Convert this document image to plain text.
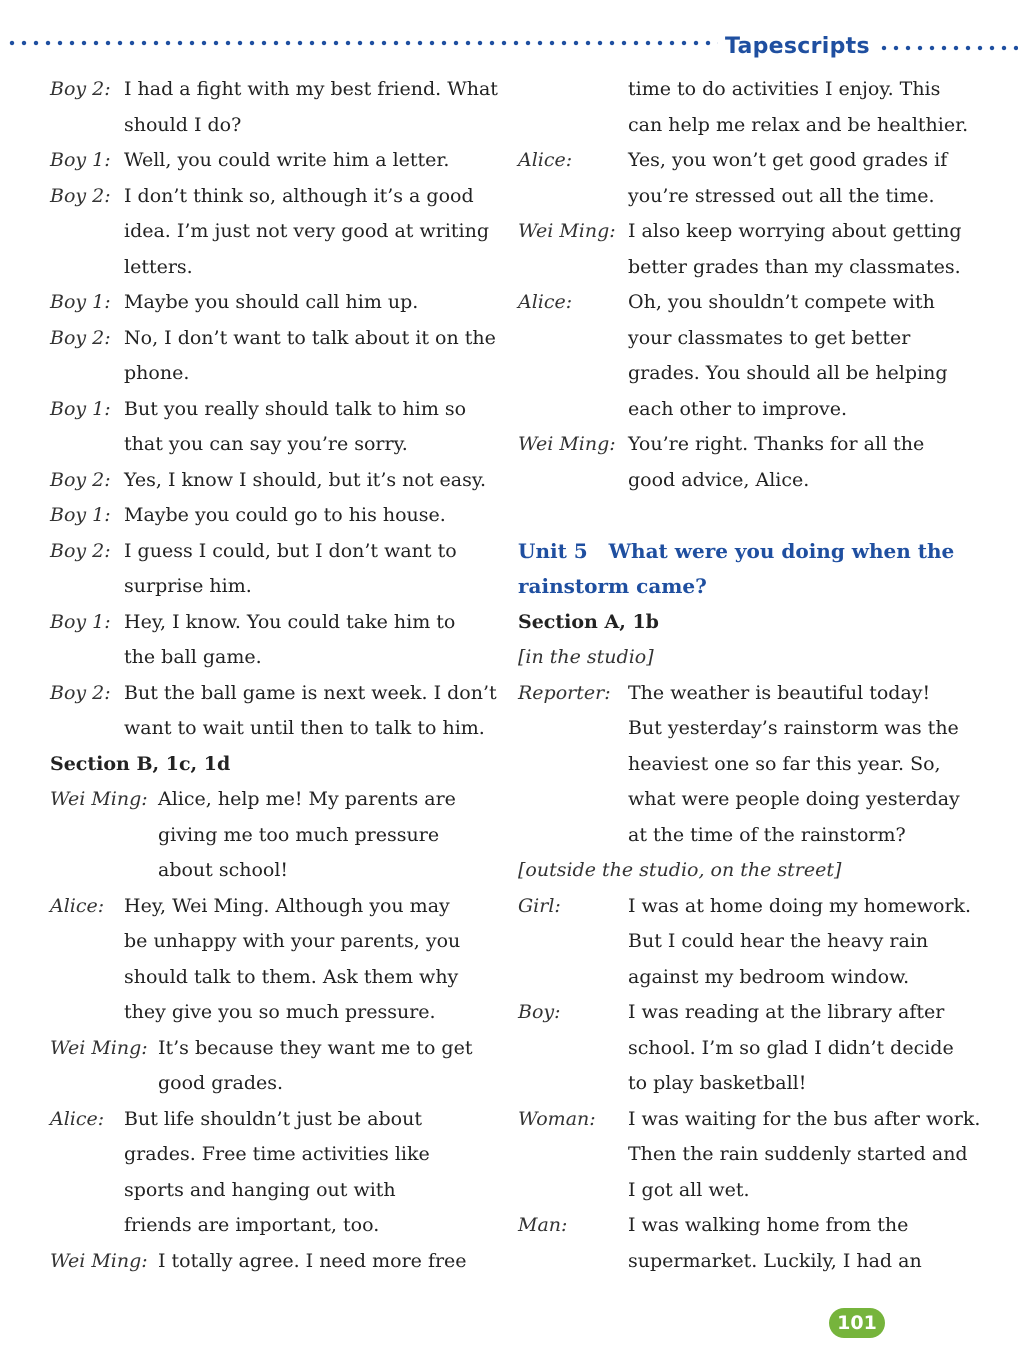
Tapescripts
Boy 2: I had a fight with my best friend. What
should I do?
Boy 1: Well, you could write him a letter.
Boy 2: I don’t think so, although it’s a good
idea. I’m just not very good at writing
letters.
Boy 1: Maybe you should call him up.
Boy 2: No, I don’t want to talk about it on the
phone.
Boy 1: But you really should talk to him so
that you can say you’re sorry.
Boy 2: Yes, I know I should, but it’s not easy.
Boy 1: Maybe you could go to his house.
Boy 2: I guess I could, but I don’t want to
surprise him.
Boy 1: Hey, I know. You could take him to
the ball game.
Boy 2: But the ball game is next week. I don’t
want to wait until then to talk to him.
Section B, 1c, 1d
Wei Ming: Alice, help me! My parents are
giving me too much pressure
about school!
Alice: Hey, Wei Ming. Although you may
be unhappy with your parents, you
should talk to them. Ask them why
they give you so much pressure.
Wei Ming: It’s because they want me to get
good grades.
Alice: But life shouldn’t just be about
grades. Free time activities like
sports and hanging out with
friends are important, too.
Wei Ming: I totally agree. I need more free
time to do activities I enjoy. This
can help me relax and be healthier.
Alice:	Yes, you won’t get good grades if
you’re stressed out all the time.
Wei Ming: I also keep worrying about getting
better grades than my classmates.
Alice:	Oh, you shouldn’t compete with
your classmates to get better
grades. You should all be helping
each other to improve.
Wei Ming: You’re right. Thanks for all the
good advice, Alice.
Unit 5   What were you doing when the
rainstorm came?
Section A, 1b
[in the studio]
Reporter: The weather is beautiful today!
But yesterday’s rainstorm was the
heaviest one so far this year. So,
what were people doing yesterday
at the time of the rainstorm?
[outside the studio, on the street]
Girl:	I was at home doing my homework.
But I could hear the heavy rain
against my bedroom window.
Boy:	I was reading at the library after
school. I’m so glad I didn’t decide
to play basketball!
Woman: I was waiting for the bus after work.
Then the rain suddenly started and
I got all wet.
Man:	I was walking home from the
supermarket. Luckily, I had an
101
